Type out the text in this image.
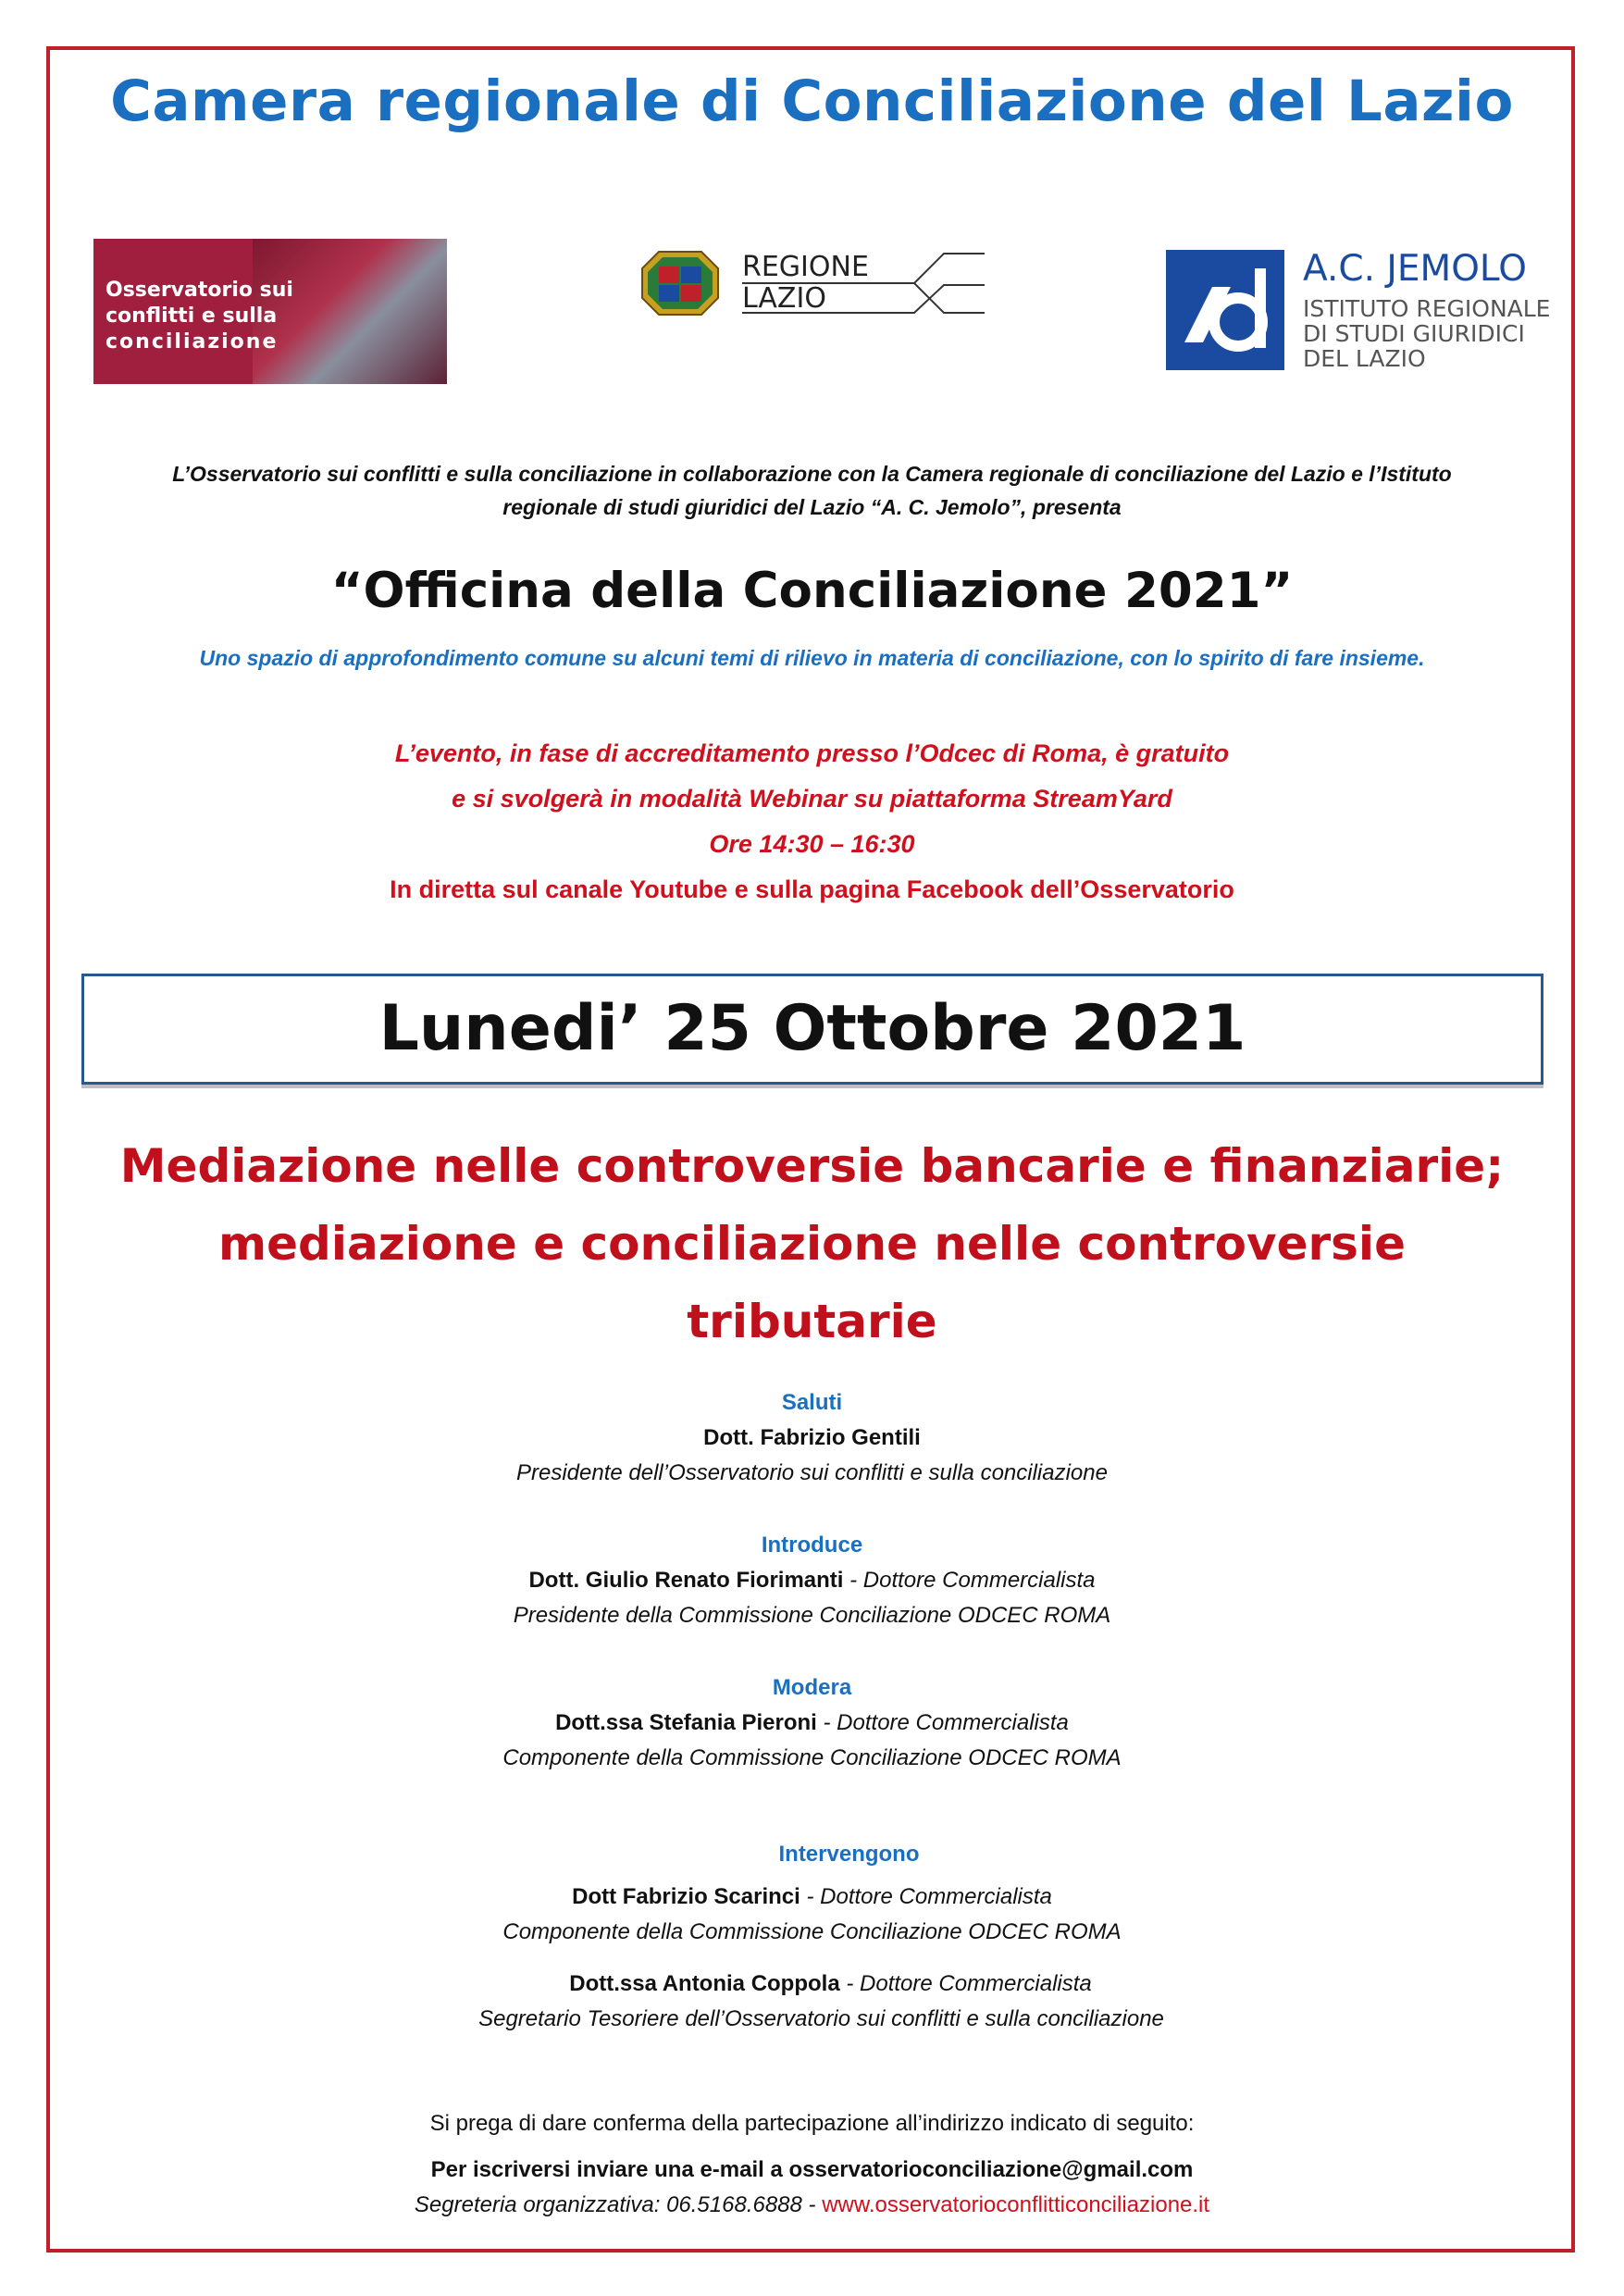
Camera regionale di Conciliazione del Lazio
Osservatorio sui
conflitti e sulla
conciliazione
REGIONE
LAZIO
A.C. JEMOLO
ISTITUTO REGIONALE
DI STUDI GIURIDICI
DEL LAZIO
L’Osservatorio sui conflitti e sulla conciliazione in collaborazione con la Camera regionale di conciliazione del Lazio e l’Istituto
regionale di studi giuridici del Lazio “A. C. Jemolo”, presenta
“Officina della Conciliazione 2021”
Uno spazio di approfondimento comune su alcuni temi di rilievo in materia di conciliazione, con lo spirito di fare insieme.
L’evento, in fase di accreditamento presso l’Odcec di Roma, è gratuito
e si svolgerà in modalità Webinar su piattaforma StreamYard
Ore 14:30 – 16:30
In diretta sul canale Youtube e sulla pagina Facebook dell’Osservatorio
Lunedi’ 25 Ottobre 2021
Mediazione nelle controversie bancarie e finanziarie;
mediazione e conciliazione nelle controversie
tributarie
Saluti
Dott. Fabrizio Gentili
Presidente dell’Osservatorio sui conflitti e sulla conciliazione
Introduce
Dott. Giulio Renato Fiorimanti - Dottore Commercialista
Presidente della Commissione Conciliazione ODCEC ROMA
Modera
Dott.ssa Stefania Pieroni - Dottore Commercialista
Componente della Commissione Conciliazione ODCEC ROMA
Intervengono
Dott Fabrizio Scarinci - Dottore Commercialista
Componente della Commissione Conciliazione ODCEC ROMA
Dott.ssa Antonia Coppola - Dottore Commercialista
Segretario Tesoriere dell’Osservatorio sui conflitti e sulla conciliazione
Si prega di dare conferma della partecipazione all’indirizzo indicato di seguito:
Per iscriversi inviare una e-mail a osservatorioconciliazione@gmail.com
Segreteria organizzativa: 06.5168.6888 - www.osservatorioconflitticonciliazione.it
